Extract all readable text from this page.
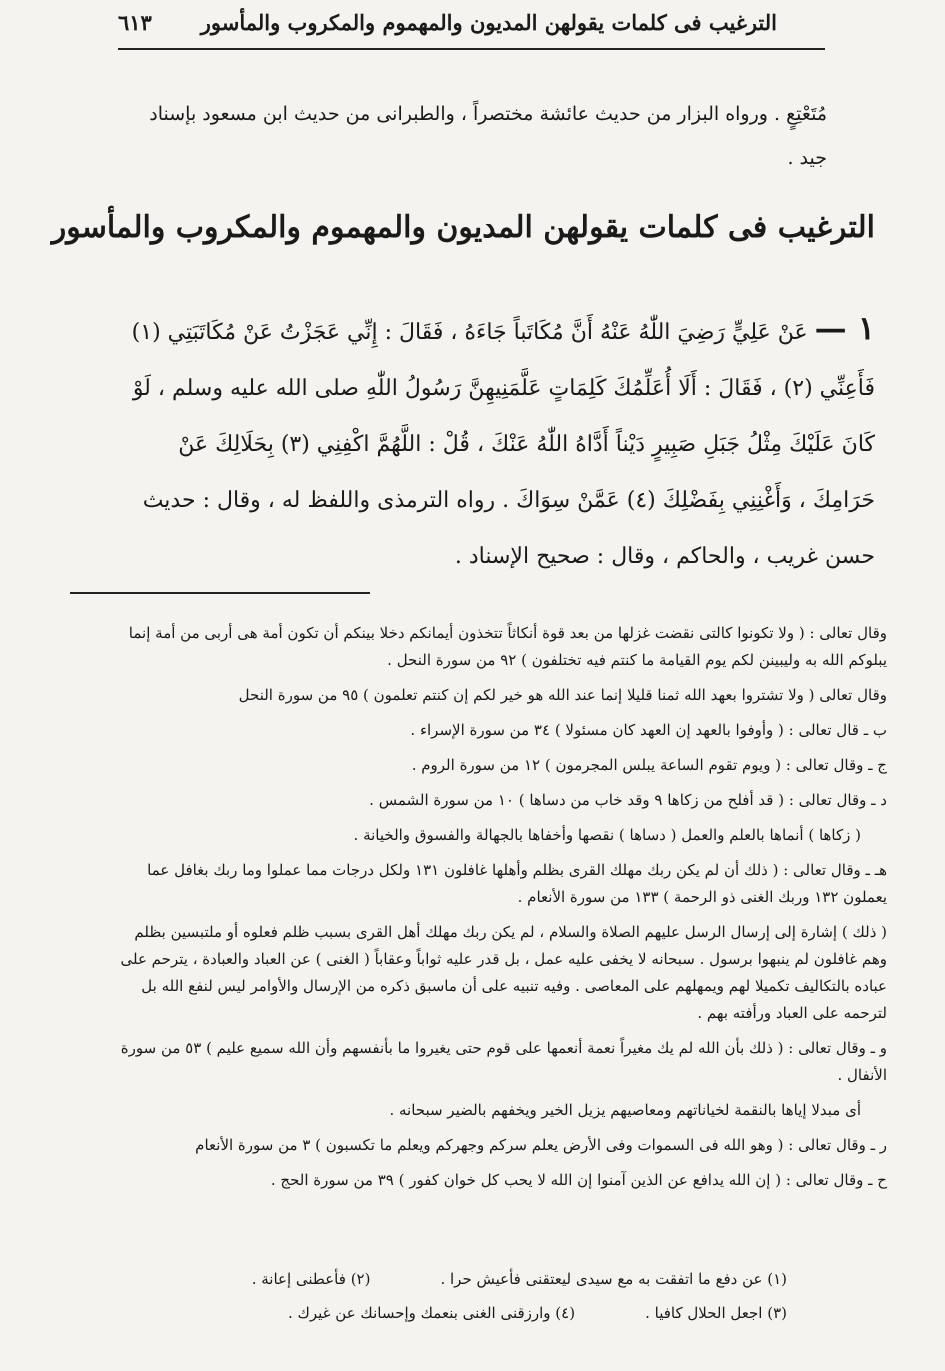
الترغيب فى كلمات يقولهن المديون والمهموم والمكروب والمأسور
٦١٣
مُتَعْتِعٍ . ورواه البزار من حديث عائشة مختصراً ، والطبرانى من حديث ابن مسعود بإسناد جيد .
الترغيب فى كلمات يقولهن المديون والمهموم والمكروب والمأسور
١ — عَنْ عَلِيٍّ رَضِيَ اللّٰهُ عَنْهُ أَنَّ مُكَاتَباً جَاءَهُ ، فَقَالَ : إِنِّي عَجَزْتُ عَنْ مُكَاتَبَتِي (١) فَأَعِنِّي (٢) ، فَقَالَ : أَلَا أُعَلِّمُكَ كَلِمَاتٍ عَلَّمَنِيهِنَّ رَسُولُ اللّٰهِ صلى الله عليه وسلم ، لَوْ كَانَ عَلَيْكَ مِثْلُ جَبَلِ صَبِيرٍ دَيْناً أَدَّاهُ اللّٰهُ عَنْكَ ، قُلْ : اللَّهُمَّ اكْفِنِي (٣) بِحَلَالِكَ عَنْ حَرَامِكَ ، وَأَغْنِنِي بِفَضْلِكَ (٤) عَمَّنْ سِوَاكَ . رواه الترمذى واللفظ له ، وقال : حديث حسن غريب ، والحاكم ، وقال : صحيح الإسناد .
وقال تعالى : ( ولا تكونوا كالتى نقضت غزلها من بعد قوة أنكاثاً تتخذون أيمانكم دخلا بينكم أن تكون أمة هى أربى من أمة إنما يبلوكم الله به وليبينن لكم يوم القيامة ما كنتم فيه تختلفون ) ٩٢ من سورة النحل .
وقال تعالى ( ولا تشتروا بعهد الله ثمنا قليلا إنما عند الله هو خير لكم إن كنتم تعلمون ) ٩٥ من سورة النحل
ب ـ قال تعالى : ( وأوفوا بالعهد إن العهد كان مسئولا ) ٣٤ من سورة الإسراء .
ج ـ وقال تعالى : ( ويوم تقوم الساعة يبلس المجرمون ) ١٢ من سورة الروم .
د ـ وقال تعالى : ( قد أفلح من زكاها ٩ وقد خاب من دساها ) ١٠ من سورة الشمس .
( زكاها ) أنماها بالعلم والعمل ( دساها ) نقصها وأخفاها بالجهالة والفسوق والخيانة .
هـ ـ وقال تعالى : ( ذلك أن لم يكن ربك مهلك القرى بظلم وأهلها غافلون ١٣١ ولكل درجات مما عملوا وما ربك بغافل عما يعملون ١٣٢ وربك الغنى ذو الرحمة ) ١٣٣ من سورة الأنعام .
( ذلك ) إشارة إلى إرسال الرسل عليهم الصلاة والسلام ، لم يكن ربك مهلك أهل القرى بسبب ظلم فعلوه أو ملتبسين بظلم وهم غافلون لم ينبهوا برسول . سبحانه لا يخفى عليه عمل ، بل قدر عليه ثواباً وعقاباً ( الغنى ) عن العباد والعبادة ، يترحم على عباده بالتكاليف تكميلا لهم ويمهلهم على المعاصى . وفيه تنبيه على أن ماسبق ذكره من الإرسال والأوامر ليس لنفع الله بل لترحمه على العباد ورأفته بهم .
و ـ وقال تعالى : ( ذلك بأن الله لم يك مغيراً نعمة أنعمها على قوم حتى يغيروا ما بأنفسهم وأن الله سميع عليم ) ٥٣ من سورة الأنفال .
أى مبدلا إياها بالنقمة لخياناتهم ومعاصيهم يزيل الخير ويخفهم بالضير سبحانه .
ر ـ وقال تعالى : ( وهو الله فى السموات وفى الأرض يعلم سركم وجهركم ويعلم ما تكسبون ) ٣ من سورة الأنعام
ح ـ وقال تعالى : ( إن الله يدافع عن الذين آمنوا إن الله لا يحب كل خوان كفور ) ٣٩ من سورة الحج .
(١) عن دفع ما اتفقت به مع سيدى ليعتقنى فأعيش حرا .
(٢) فأعطنى إعانة .
(٣) اجعل الحلال كافيا .
(٤) وارزقنى الغنى بنعمك وإحسانك عن غيرك .
